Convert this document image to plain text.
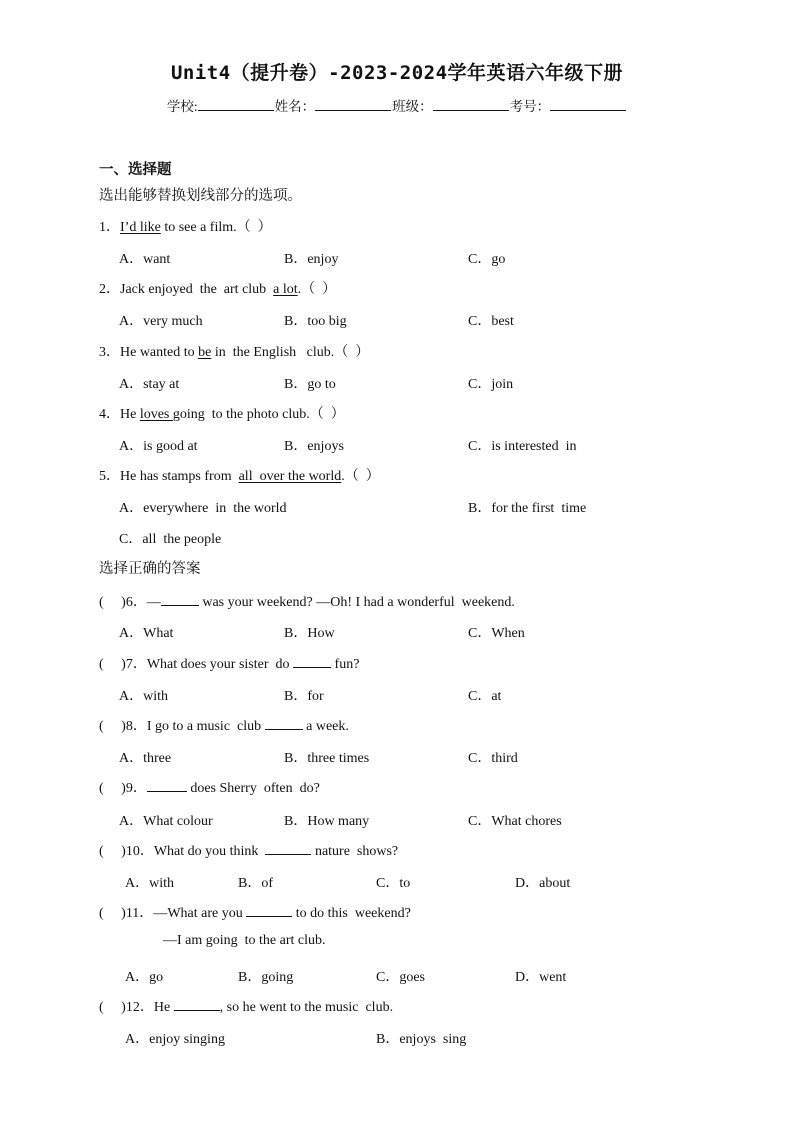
Unit4（提升卷）-2023-2024学年英语六年级下册
学校:	姓名：	班级：	考号：
一、选择题
选出能够替换划线部分的选项。
1．I’d like to see a film.（  ）
A．want	B．enjoy	C．go
2．Jack enjoyed  the  art club  a lot.（  ）
A．very much	B．too big	C．best
3．He wanted to be in  the English   club.（  ）
A．stay at	B．go to	C．join
4．He loves going  to the photo club.（  ）
A．is good at	B．enjoys	C．is interested  in
5．He has stamps from  all  over the world.（  ）
A．everywhere  in  the world	B．for the first  time
C．all  the people
选择正确的答案
(     )6．—	was your weekend? —Oh! I had a wonderful  weekend.
A．What	B．How	C．When
(     )7．What does your sister  do	fun?
A．with	B．for	C．at
(     )8．I go to a music  club	a week.
A．three	B．three times	C．third
(     )9．	does Sherry  often  do?
A．What colour	B．How many	C．What chores
(     )10．What do you think	nature  shows?
A．with	B．of	C．to	D．about
(     )11．—What are you	to do this  weekend?
—I am going  to the art club.
A．go	B．going	C．goes	D．went
(     )12．He	, so he went to the music  club.
A．enjoy singing	B．enjoys  sing
